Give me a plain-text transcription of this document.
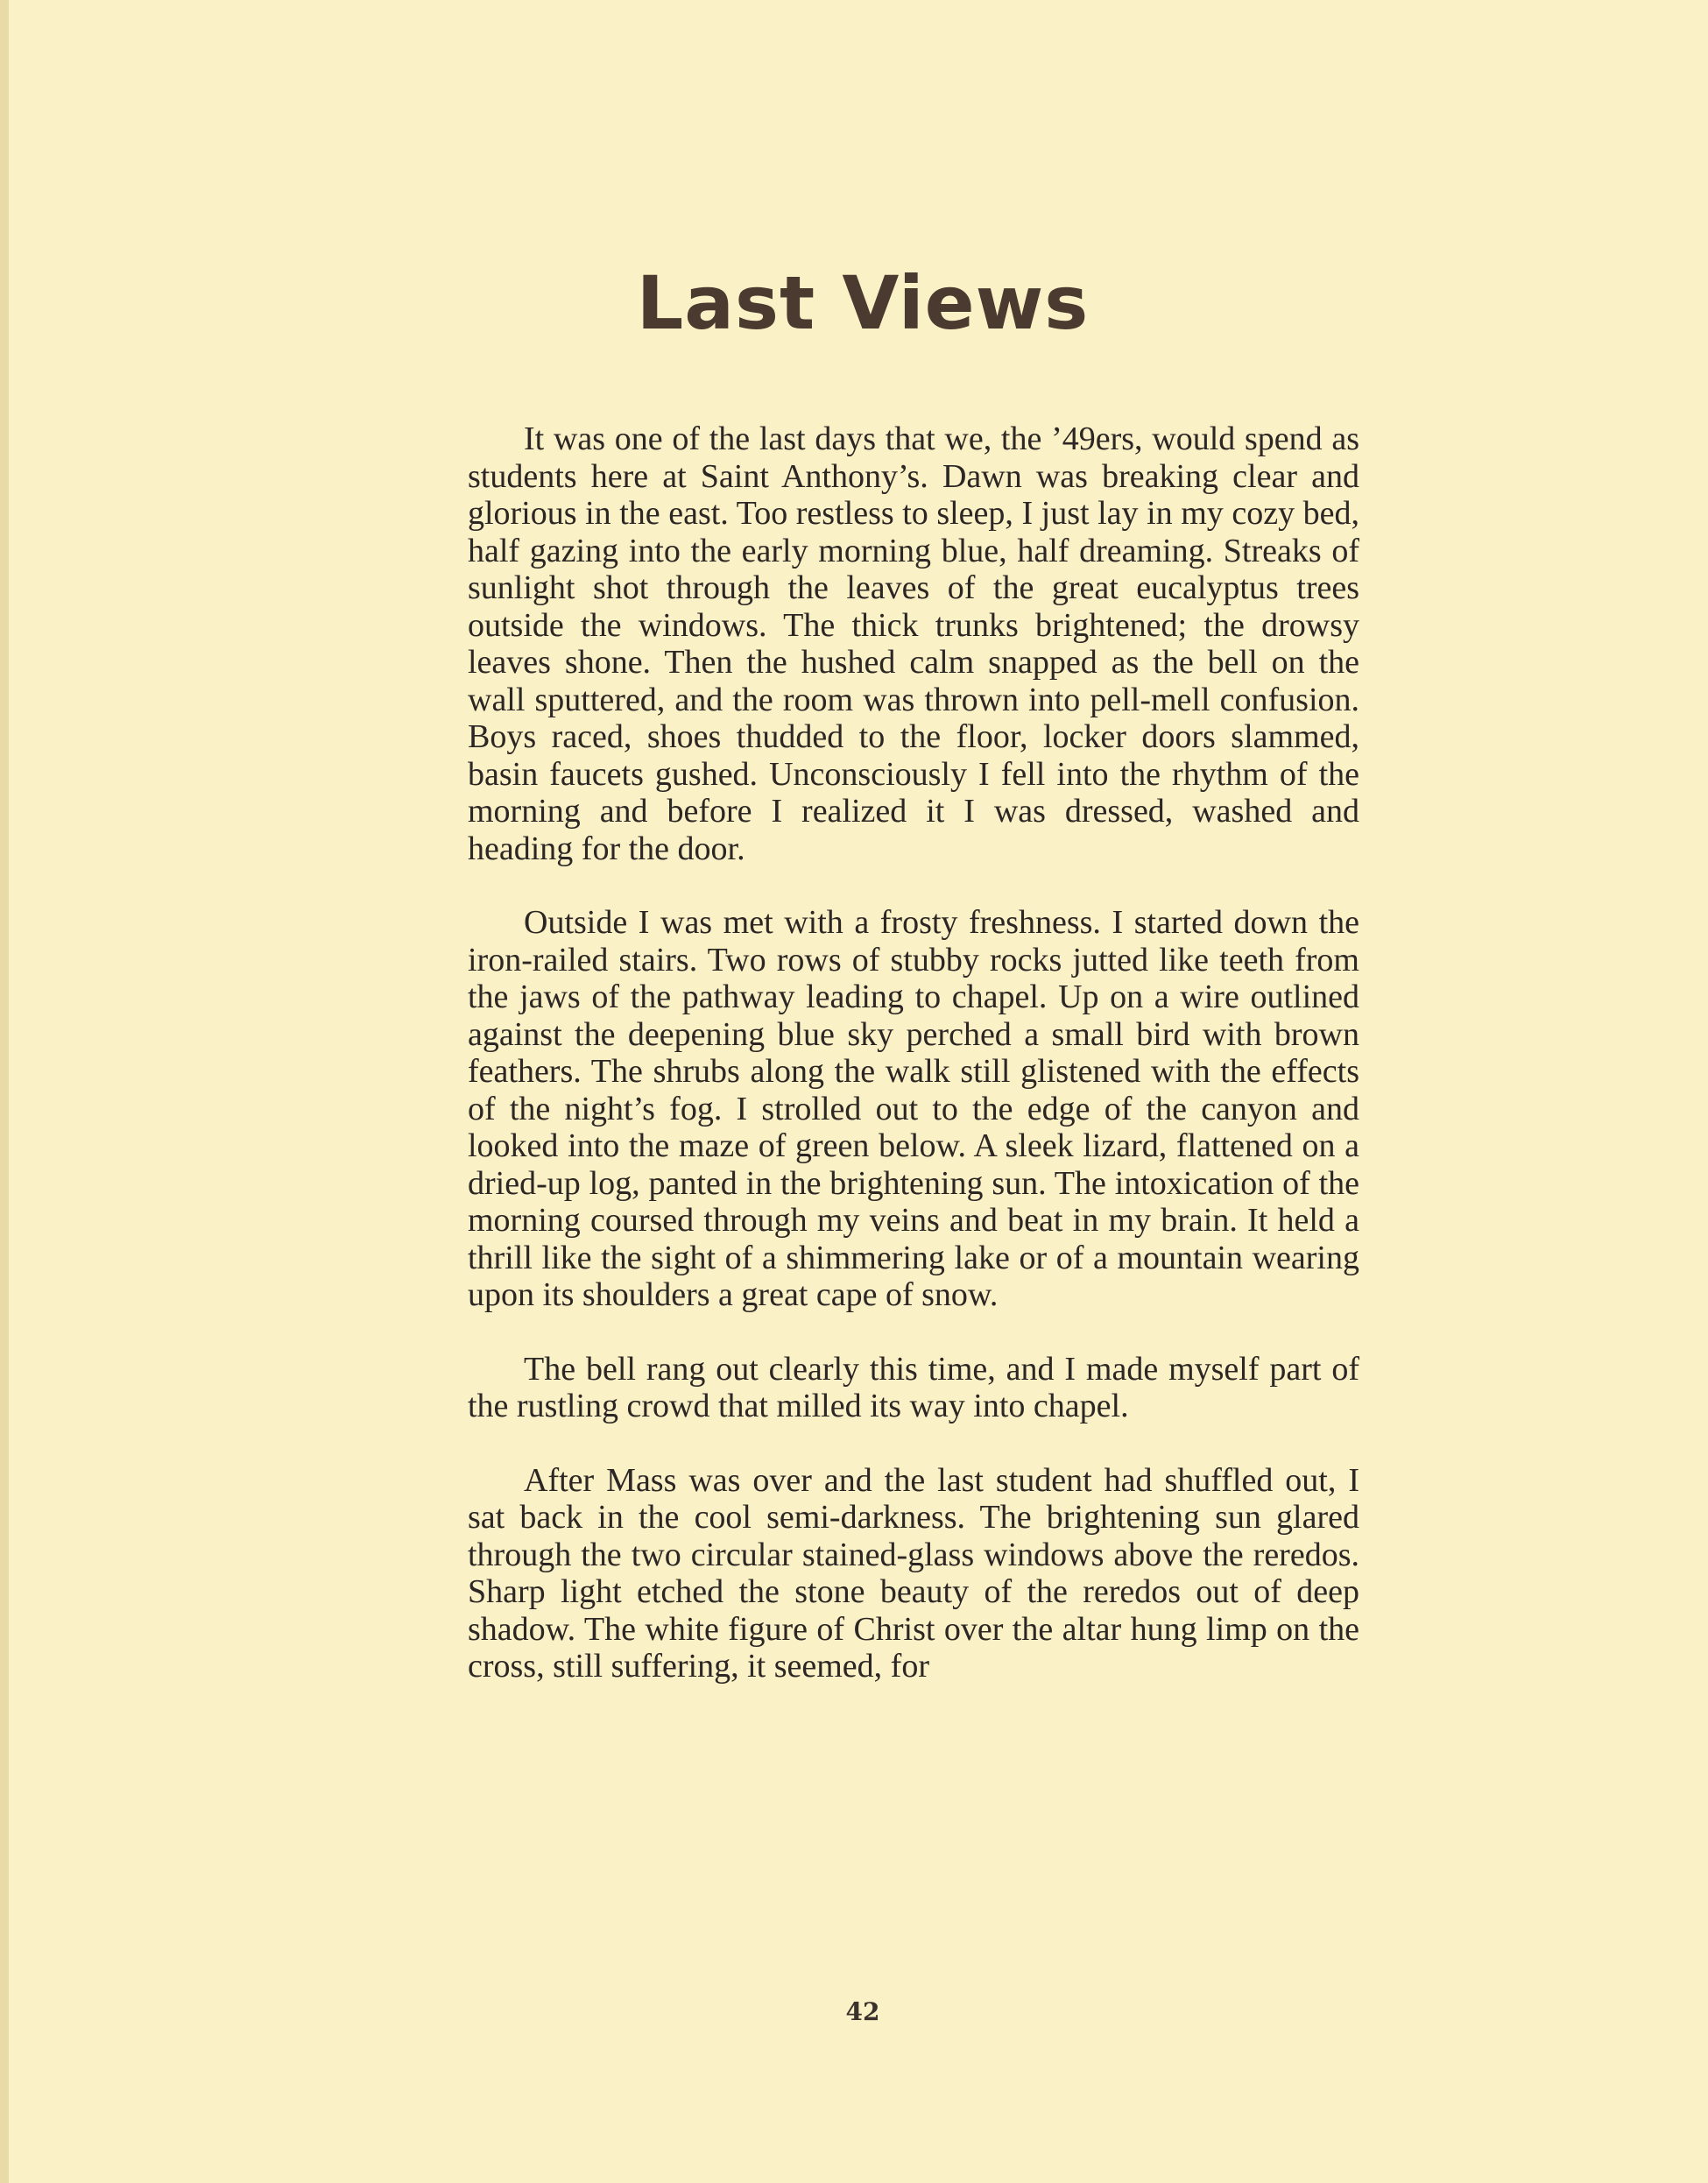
Last Views

It was one of the last days that we, the ’49ers, would spend as students here at Saint Anthony’s. Dawn was breaking clear and glorious in the east. Too restless to sleep, I just lay in my cozy bed, half gazing into the early morning blue, half dreaming. Streaks of sunlight shot through the leaves of the great eucalyptus trees outside the windows. The thick trunks brightened; the drowsy leaves shone. Then the hushed calm snapped as the bell on the wall sputtered, and the room was thrown into pell-mell confusion. Boys raced, shoes thudded to the floor, locker doors slammed, basin faucets gushed. Unconsciously I fell into the rhythm of the morning and before I realized it I was dressed, washed and heading for the door.

Outside I was met with a frosty freshness. I started down the iron-railed stairs. Two rows of stubby rocks jutted like teeth from the jaws of the pathway leading to chapel. Up on a wire outlined against the deepening blue sky perched a small bird with brown feathers. The shrubs along the walk still glistened with the effects of the night’s fog. I strolled out to the edge of the canyon and looked into the maze of green below. A sleek lizard, flattened on a dried-up log, panted in the brightening sun. The intoxication of the morning coursed through my veins and beat in my brain. It held a thrill like the sight of a shimmering lake or of a mountain wearing upon its shoulders a great cape of snow.

The bell rang out clearly this time, and I made myself part of the rustling crowd that milled its way into chapel.

After Mass was over and the last student had shuffled out, I sat back in the cool semi-darkness. The brightening sun glared through the two circular stained-glass windows above the reredos. Sharp light etched the stone beauty of the reredos out of deep shadow. The white figure of Christ over the altar hung limp on the cross, still suffering, it seemed, for

42
